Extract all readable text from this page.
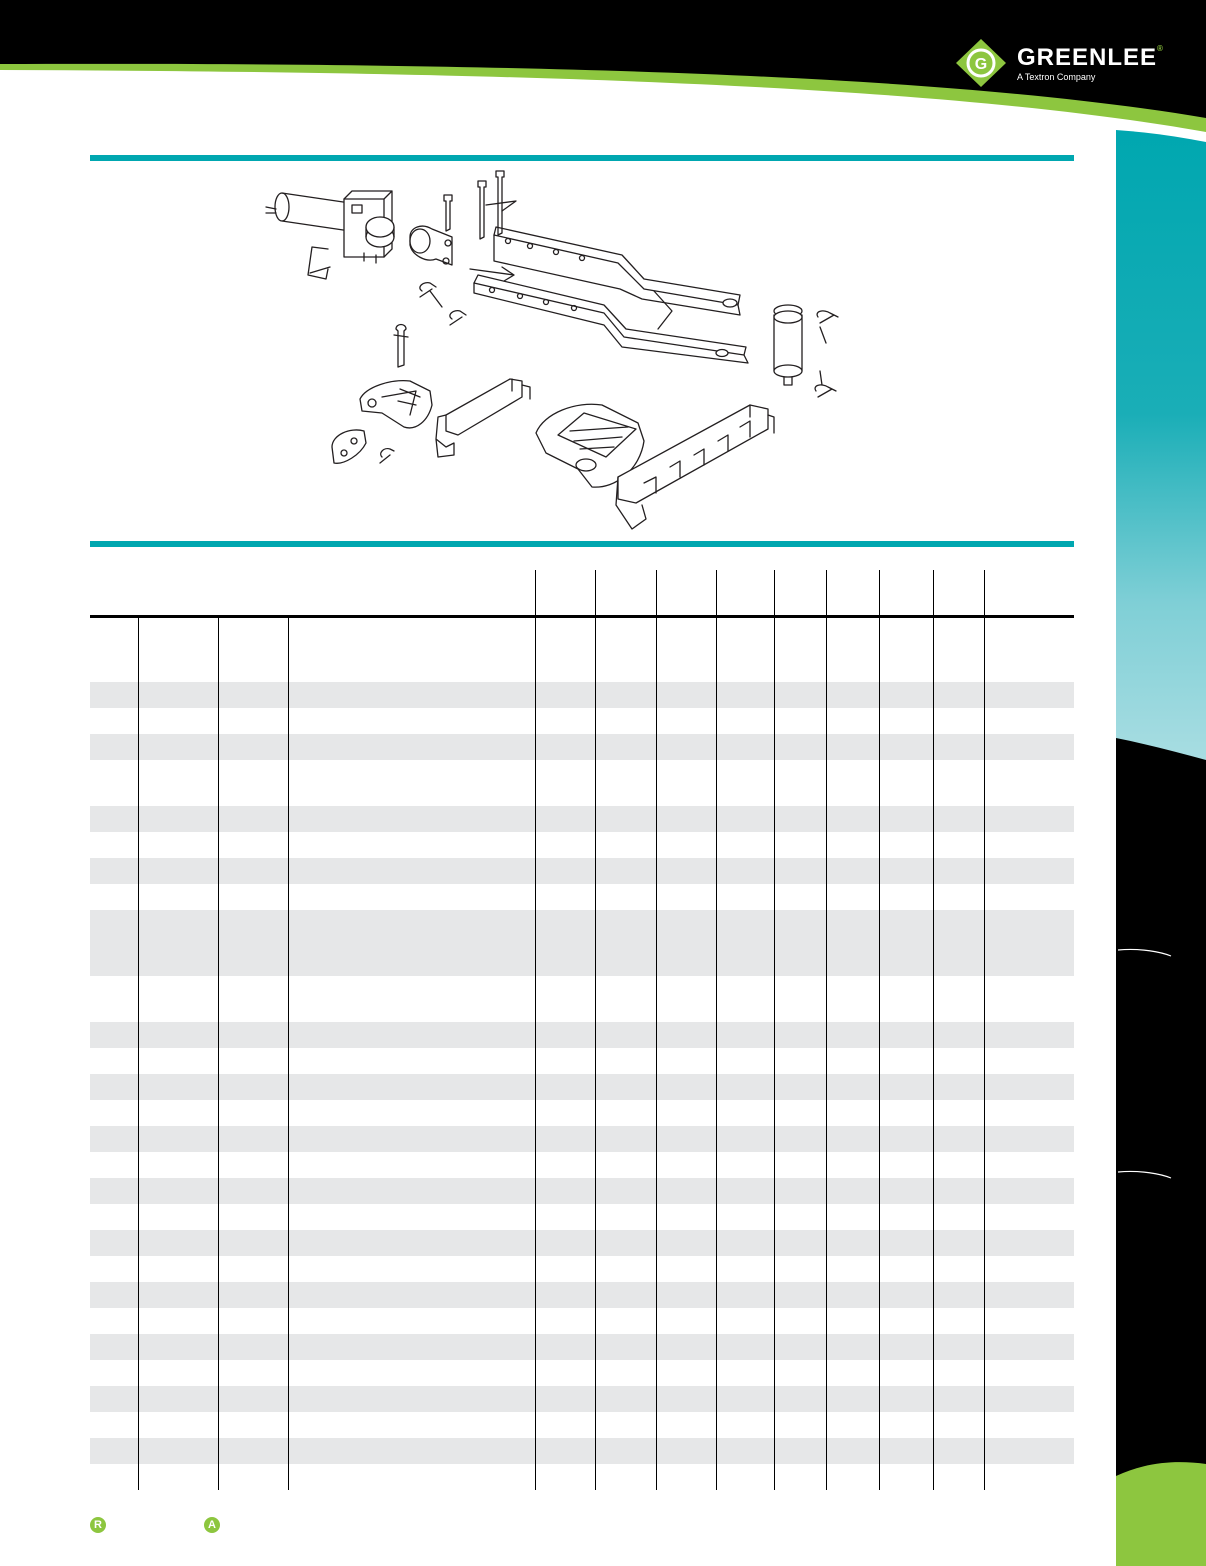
G GREENLEE®
A Textron Company
R	A
